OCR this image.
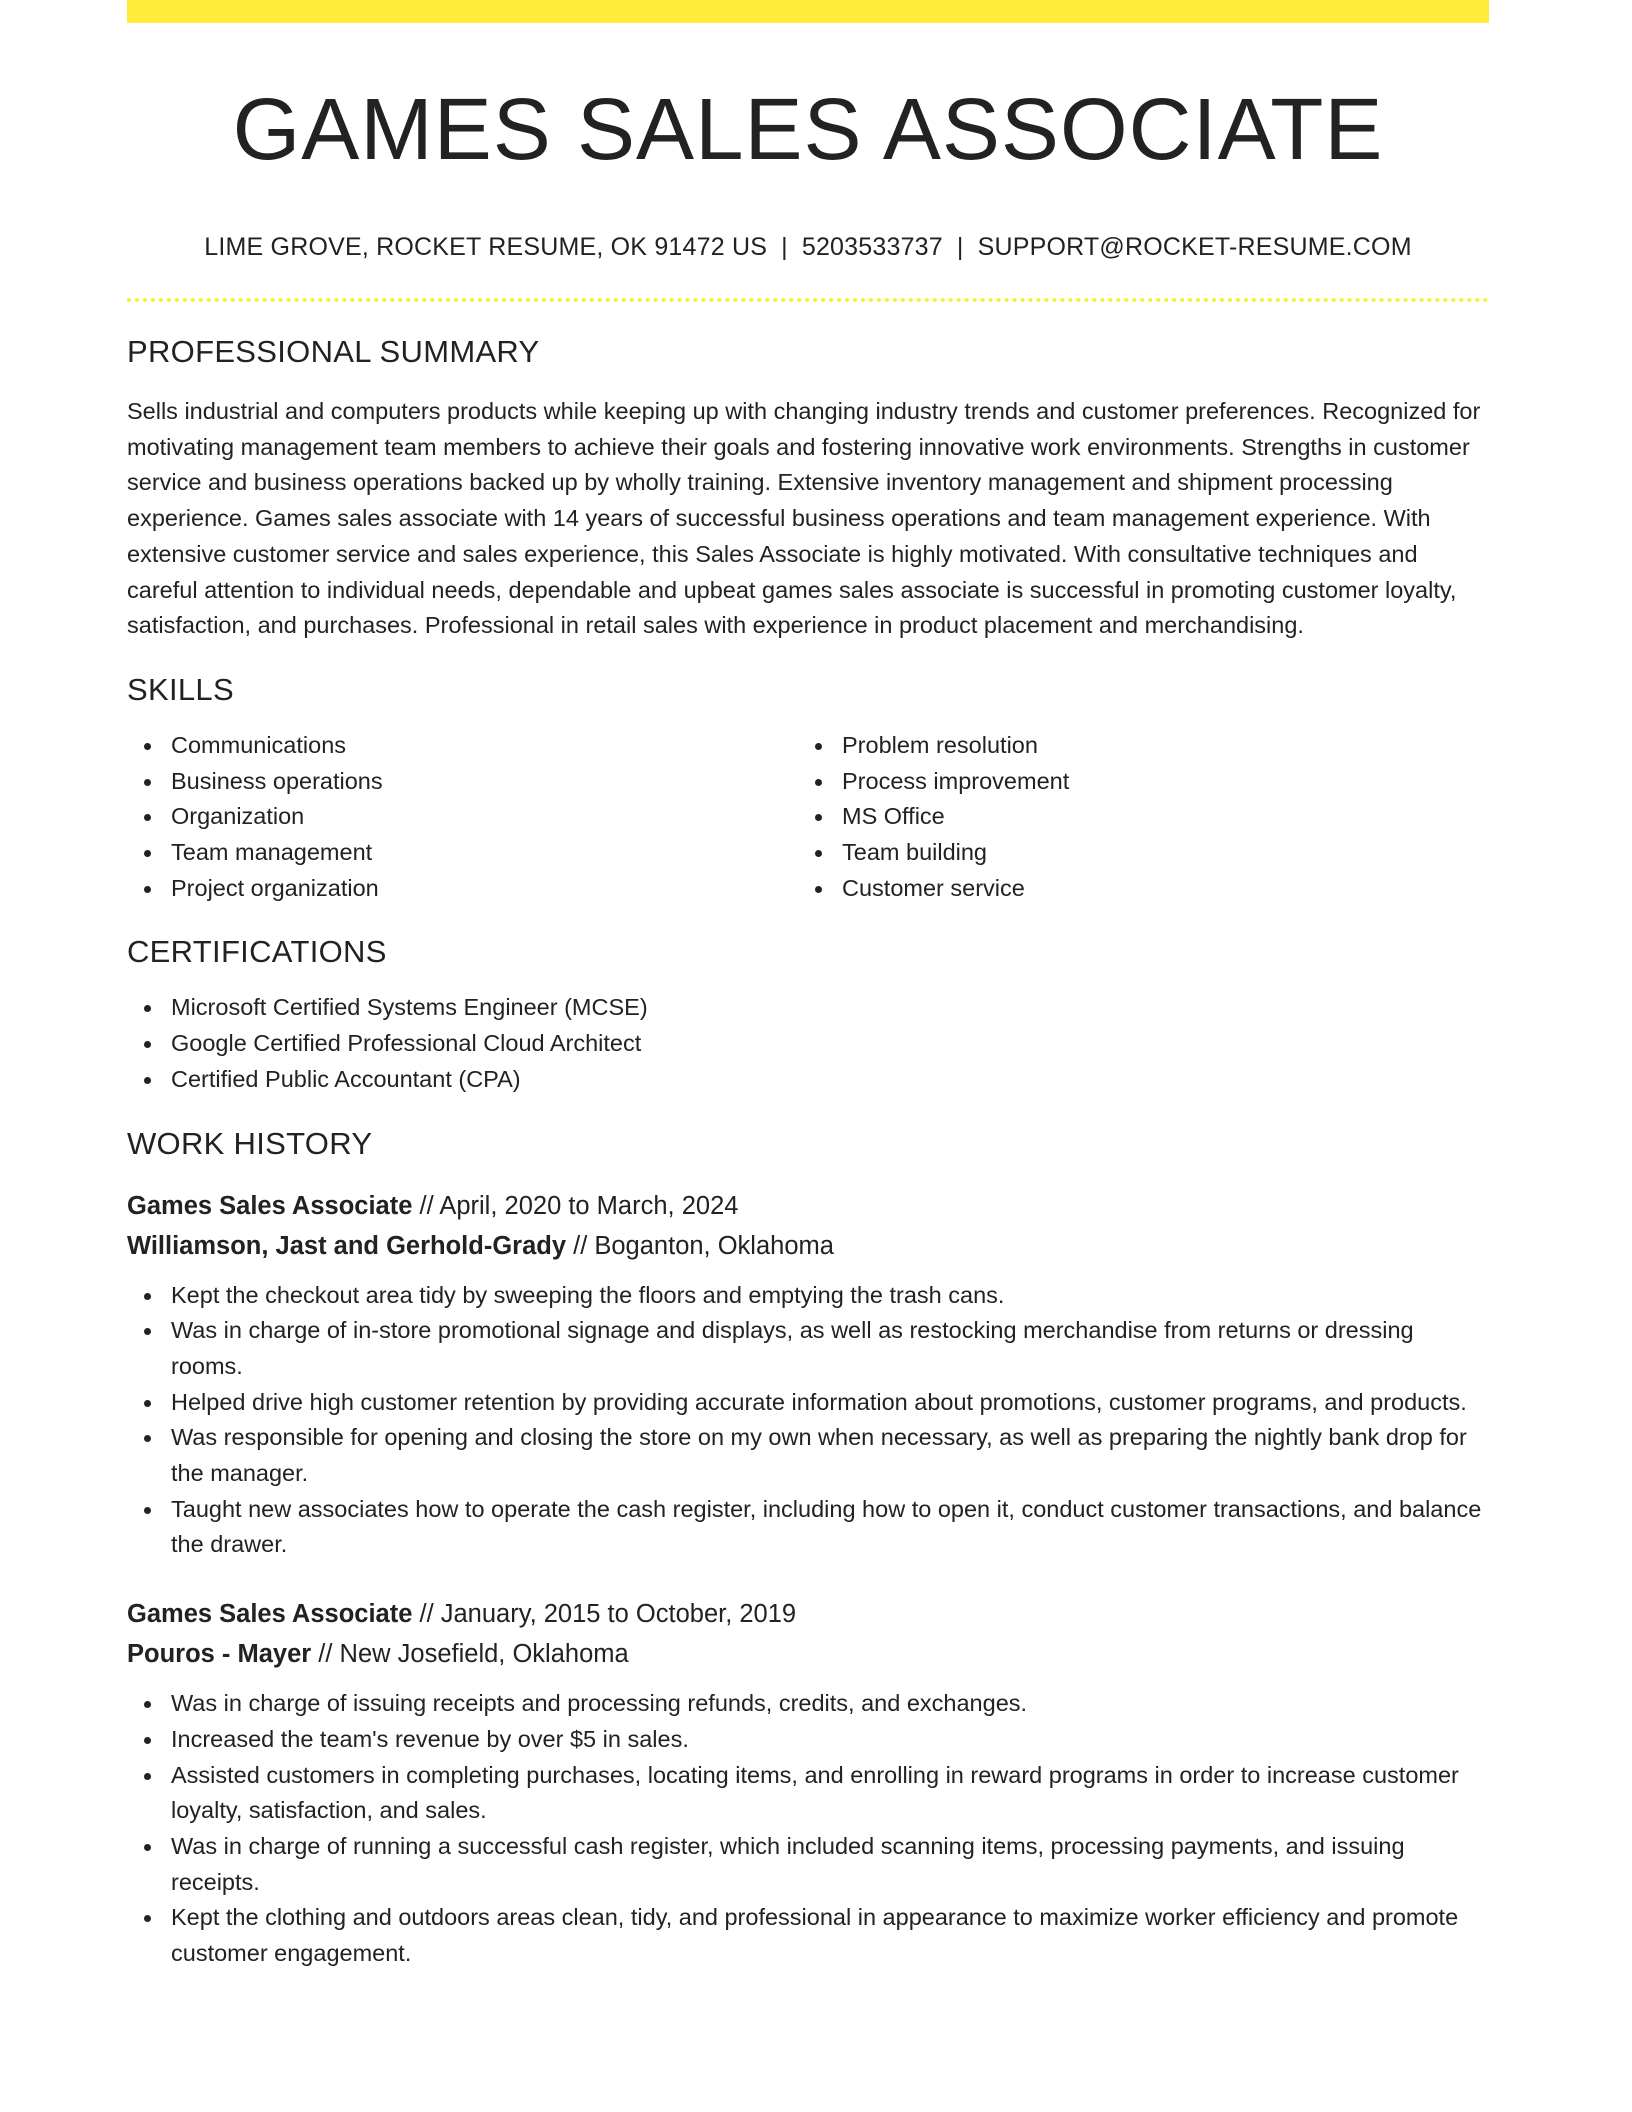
GAMES SALES ASSOCIATE
LIME GROVE, ROCKET RESUME, OK 91472 US | 5203533737 | SUPPORT@ROCKET-RESUME.COM
PROFESSIONAL SUMMARY

Sells industrial and computers products while keeping up with changing industry trends and customer preferences. Recognized for motivating management team members to achieve their goals and fostering innovative work environments. Strengths in customer service and business operations backed up by wholly training. Extensive inventory management and shipment processing experience. Games sales associate with 14 years of successful business operations and team management experience. With extensive customer service and sales experience, this Sales Associate is highly motivated. With consultative techniques and careful attention to individual needs, dependable and upbeat games sales associate is successful in promoting customer loyalty, satisfaction, and purchases. Professional in retail sales with experience in product placement and merchandising.

SKILLS
Communications
Business operations
Organization
Team management
Project organization
Problem resolution
Process improvement
MS Office
Team building
Customer service
CERTIFICATIONS
Microsoft Certified Systems Engineer (MCSE)
Google Certified Professional Cloud Architect
Certified Public Accountant (CPA)
WORK HISTORY
Games Sales Associate // April, 2020 to March, 2024
Williamson, Jast and Gerhold-Grady // Boganton, Oklahoma
Kept the checkout area tidy by sweeping the floors and emptying the trash cans.
Was in charge of in-store promotional signage and displays, as well as restocking merchandise from returns or dressing rooms.
Helped drive high customer retention by providing accurate information about promotions, customer programs, and products.
Was responsible for opening and closing the store on my own when necessary, as well as preparing the nightly bank drop for the manager.
Taught new associates how to operate the cash register, including how to open it, conduct customer transactions, and balance the drawer.
Games Sales Associate // January, 2015 to October, 2019
Pouros - Mayer // New Josefield, Oklahoma
Was in charge of issuing receipts and processing refunds, credits, and exchanges.
Increased the team's revenue by over $5 in sales.
Assisted customers in completing purchases, locating items, and enrolling in reward programs in order to increase customer loyalty, satisfaction, and sales.
Was in charge of running a successful cash register, which included scanning items, processing payments, and issuing receipts.
Kept the clothing and outdoors areas clean, tidy, and professional in appearance to maximize worker efficiency and promote customer engagement.
